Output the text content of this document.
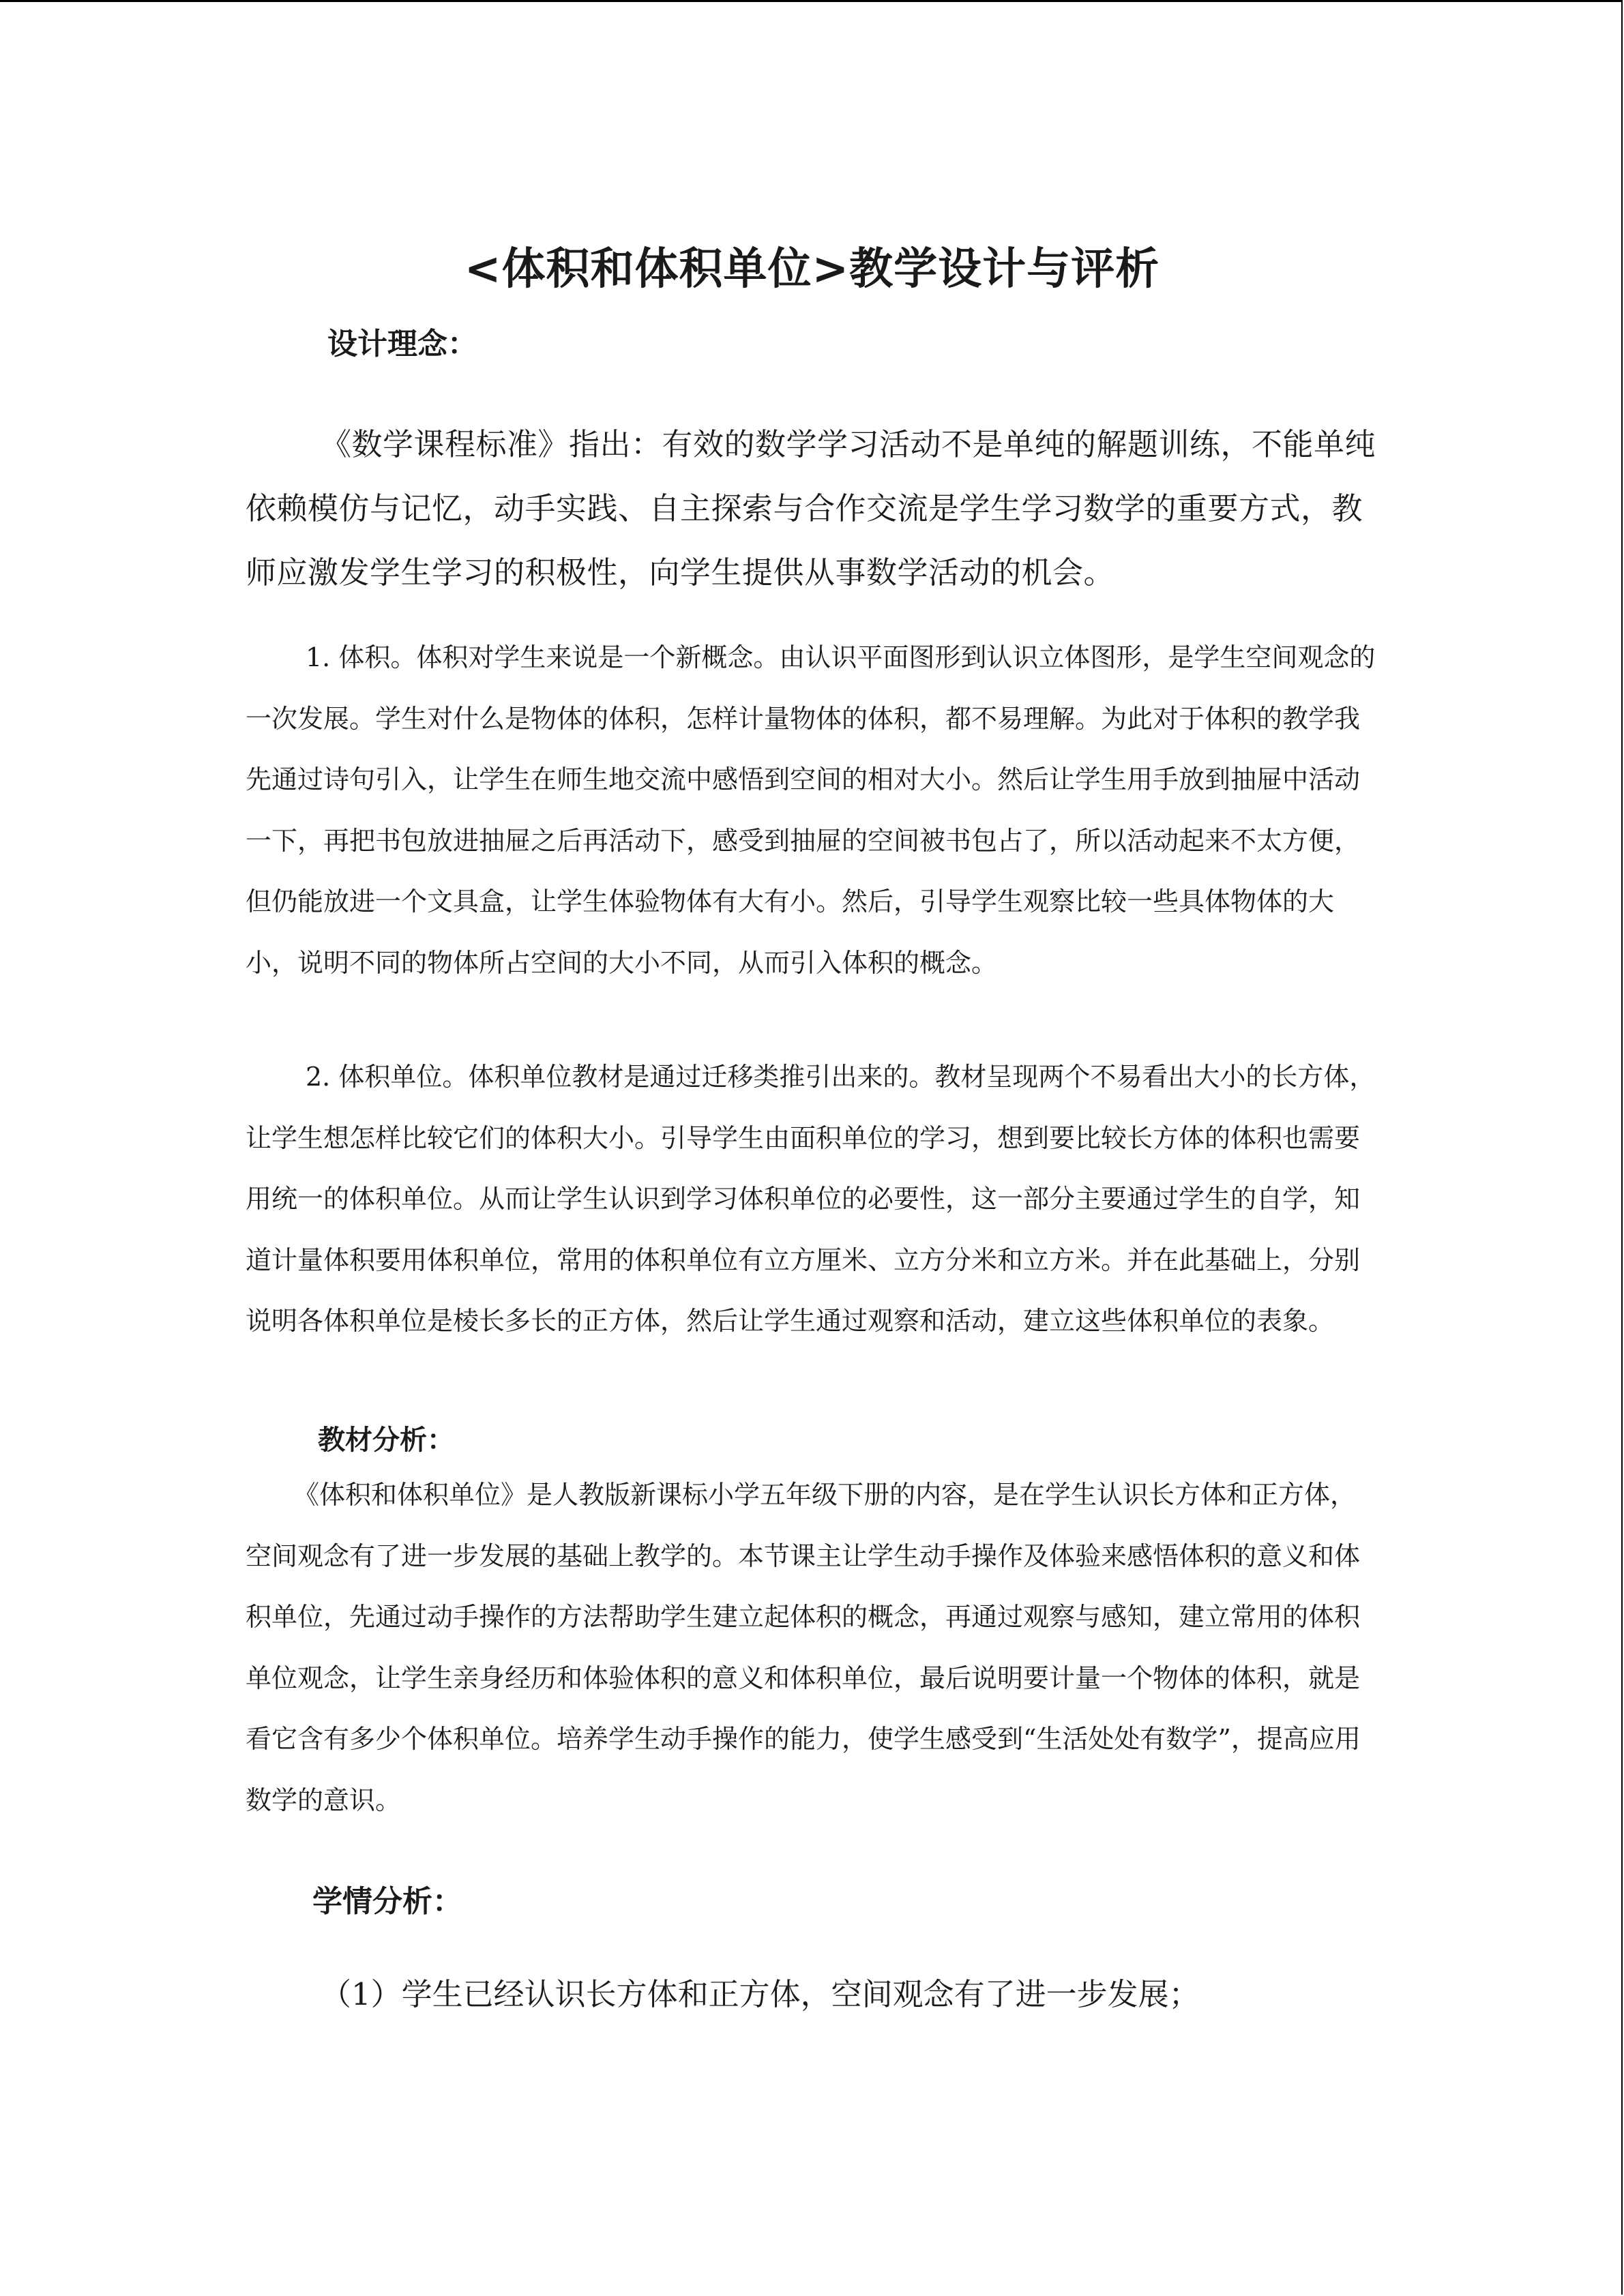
<体积和体积单位>教学设计与评析
设计理念：

《数学课程标准》指出：有效的数学学习活动不是单纯的解题训练，不能单纯依赖模仿与记忆，动手实践、自主探索与合作交流是学生学习数学的重要方式，教师应激发学生学习的积极性，向学生提供从事数学活动的机会。

1. 体积。体积对学生来说是一个新概念。由认识平面图形到认识立体图形，是学生空间观念的一次发展。学生对什么是物体的体积，怎样计量物体的体积，都不易理解。为此对于体积的教学我先通过诗句引入，让学生在师生地交流中感悟到空间的相对大小。然后让学生用手放到抽屉中活动一下，再把书包放进抽屉之后再活动下，感受到抽屉的空间被书包占了，所以活动起来不太方便，但仍能放进一个文具盒，让学生体验物体有大有小。然后，引导学生观察比较一些具体物体的大小，说明不同的物体所占空间的大小不同，从而引入体积的概念。

2. 体积单位。体积单位教材是通过迁移类推引出来的。教材呈现两个不易看出大小的长方体，让学生想怎样比较它们的体积大小。引导学生由面积单位的学习，想到要比较长方体的体积也需要用统一的体积单位。从而让学生认识到学习体积单位的必要性，这一部分主要通过学生的自学，知道计量体积要用体积单位，常用的体积单位有立方厘米、立方分米和立方米。并在此基础上，分别说明各体积单位是棱长多长的正方体，然后让学生通过观察和活动，建立这些体积单位的表象。

教材分析：

《体积和体积单位》是人教版新课标小学五年级下册的内容，是在学生认识长方体和正方体，空间观念有了进一步发展的基础上教学的。本节课主让学生动手操作及体验来感悟体积的意义和体积单位，先通过动手操作的方法帮助学生建立起体积的概念，再通过观察与感知，建立常用的体积单位观念，让学生亲身经历和体验体积的意义和体积单位，最后说明要计量一个物体的体积，就是看它含有多少个体积单位。培养学生动手操作的能力，使学生感受到“生活处处有数学”，提高应用数学的意识。

学情分析：

（1）学生已经认识长方体和正方体，空间观念有了进一步发展；
